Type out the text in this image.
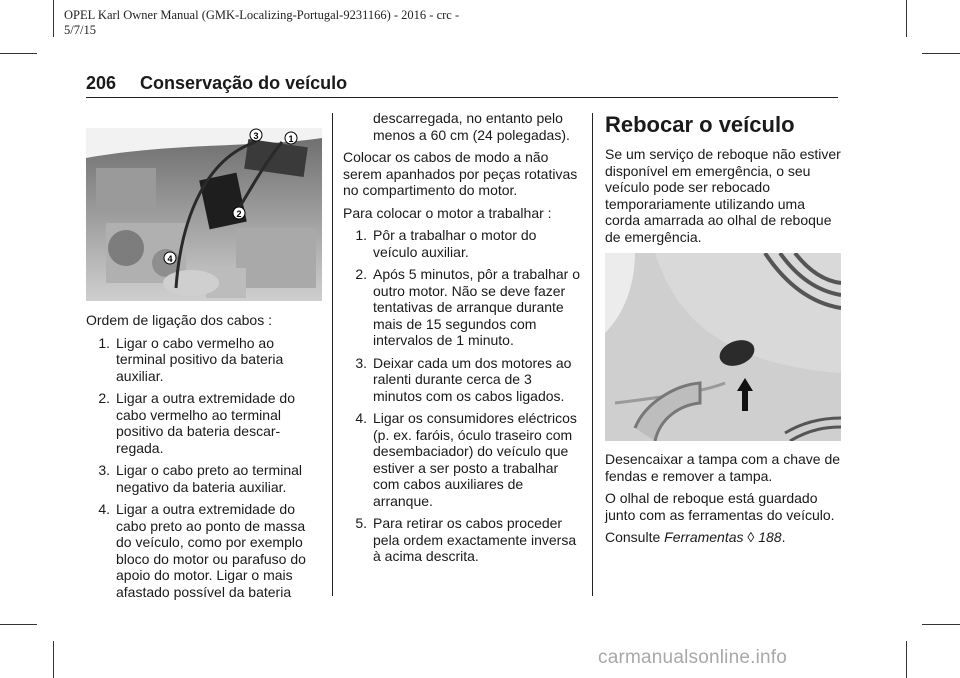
OPEL Karl Owner Manual (GMK-Localizing-Portugal-9231166) - 2016 - crc -
5/7/15
206 Conservação do veículo
1
2
3
4

Ordem de ligação dos cabos :

1. Ligar o cabo vermelho ao terminal positivo da bateria auxiliar.
2. Ligar a outra extremidade do cabo vermelho ao terminal positivo da bateria descar-regada.
3. Ligar o cabo preto ao terminal negativo da bateria auxiliar.
4. Ligar a outra extremidade do cabo preto ao ponto de massa do veículo, como por exemplo bloco do motor ou parafuso do apoio do motor. Ligar o mais afastado possível da bateria
descarregada, no entanto pelo menos a 60 cm (24 polegadas).

Colocar os cabos de modo a não serem apanhados por peças rotativas no compartimento do motor.

Para colocar o motor a trabalhar :

1. Pôr a trabalhar o motor do veículo auxiliar.
2. Após 5 minutos, pôr a trabalhar o outro motor. Não se deve fazer tentativas de arranque durante mais de 15 segundos com intervalos de 1 minuto.
3. Deixar cada um dos motores ao ralenti durante cerca de 3 minutos com os cabos ligados.
4. Ligar os consumidores eléctricos (p. ex. faróis, óculo traseiro com desembaciador) do veículo que estiver a ser posto a trabalhar com cabos auxiliares de arranque.
5. Para retirar os cabos proceder pela ordem exactamente inversa à acima descrita.
Rebocar o veículo

Se um serviço de reboque não estiver disponível em emergência, o seu veículo pode ser rebocado temporariamente utilizando uma corda amarrada ao olhal de reboque de emergência.

Desencaixar a tampa com a chave de fendas e remover a tampa.

O olhal de reboque está guardado junto com as ferramentas do veículo.

Consulte Ferramentas ◊ 188.

carmanualsonline.info
